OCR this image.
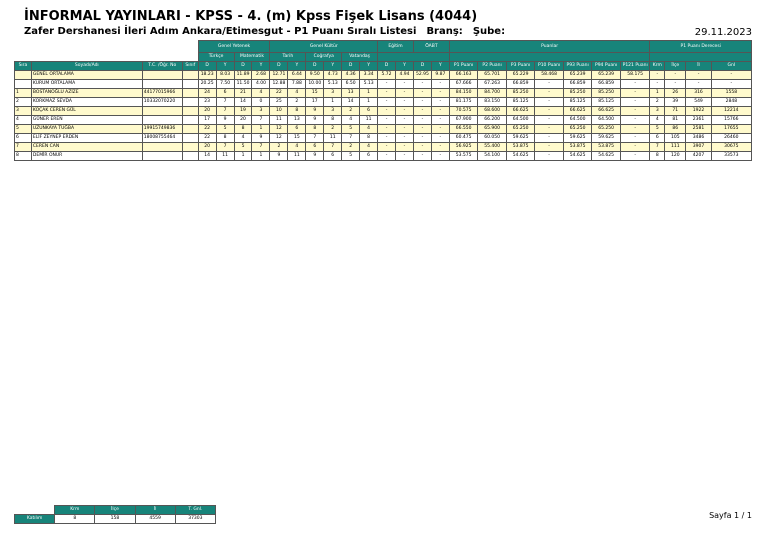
İNFORMAL YAYINLARI - KPSS - 4. (m) Kpss Fişek Lisans (4044)
Zafer Dershanesi İleri Adım Ankara/Etimesgut - P1 Puanı Sıralı Listesi Branş: Şube:	29.11.2023
				Genel Yetenek				Genel Kültür						Eğitim		ÖABT		Puanlar							P1 Puanı Derecesi			
				Türkçe		Matematik		Tarih		Coğrafya		Vatandaş																
Sıra	Soyadı/Adı	T.C. /Öğr. No	Sınıf	D	Y	D	Y	D	Y	D	Y	D	Y	D	Y	D	Y	P1 Puanı	P2 Puanı	P3 Puanı	P10 Puanı	P93 Puanı	P94 Puanı	P121 Puanı	Krm	İlçe	İl	Gnl
	GENEL ORTALAMA			18.23	8.03	11.89	2.68	12.71	6.44	9.50	4.73	4.36	3.34	5.72	4.94	52.95	9.87	66.163	65.701	65.229	58.468	65.239	65.239	58.175	-	-	-	-
	KURUM ORTALAMA			20.25	7.50	11.50	4.00	12.88	7.88	10.00	5.13	6.50	5.13	-	-	-	-	67.666	67.263	66.859	-	66.859	66.859	-	-	-	-	-
1	BOSTANOĞLU AZİZE	44177015966		24	6	21	4	22	4	15	3	13	1	-	-	-	-	84.150	84.700	85.250	-	85.250	85.250	-	1	26	316	1558
2	KORKMAZ SEVDA	10332070220		23	7	14	0	25	2	17	1	14	1	-	-	-	-	81.175	83.150	85.125	-	85.125	85.125	-	2	39	549	2848
3	KOÇAK CEREN GÜL			20	7	19	3	10	8	9	3	2	6	-	-	-	-	70.575	68.600	66.625	-	66.625	66.625	-	3	71	1922	12214
4	GÜNER EREN			17	9	20	7	11	13	9	8	4	11	-	-	-	-	67.900	66.200	64.500	-	64.500	64.500	-	4	81	2361	15766
5	UZUNKAYA TUĞBA	19915749836		22	5	8	1	12	6	8	2	5	4	-	-	-	-	66.550	65.900	65.250	-	65.250	65.250	-	5	86	2581	17655
6	ELİF ZEYNEP ERDEN	18008755464		22	8	4	9	12	15	7	11	7	8	-	-	-	-	60.475	60.050	59.625	-	59.625	59.625	-	6	105	3486	26460
7	CEREN CAN			20	7	5	7	2	4	6	7	2	4	-	-	-	-	56.925	55.400	53.875	-	53.875	53.875	-	7	111	3907	30675
8	DEMİR ONUR			14	11	1	1	9	11	9	6	5	6	-	-	-	-	53.575	54.100	54.625	-	54.625	54.625	-	8	120	4207	33573
	Krm	İlçe	İl	T. Gnl.
Katılım	8	158	4559	37303	Sayfa 1 / 1
